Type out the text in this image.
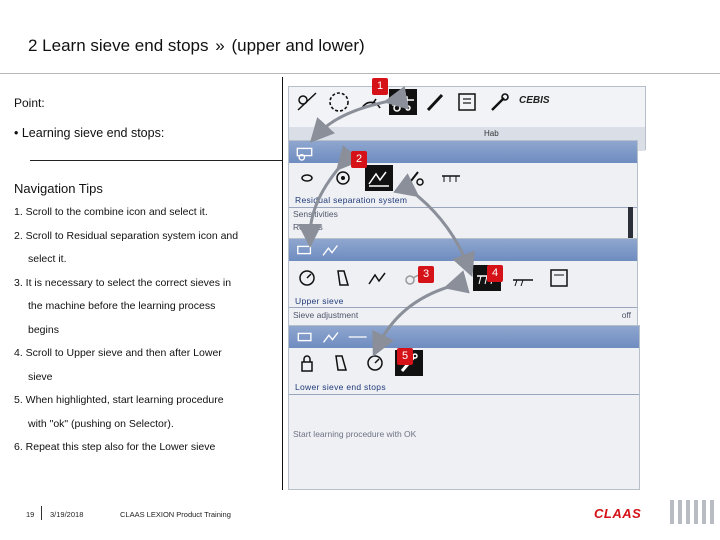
2 Learn sieve end stops » (upper and lower)
Point:
• Learning sieve end stops:
Navigation Tips
1. Scroll to the combine icon and select it.
2. Scroll to Residual separation system icon and
select it.
3. It is necessary to select the correct sieves in
the machine before the learning process
begins
4. Scroll to Upper sieve and then after Lower
sieve
5. When highlighted, start learning procedure
with "ok" (pushing on Selector).
6. Repeat this step also for the Lower sieve
CEBIS
Hab
Residual separation system
Sensitivities
Returns
Upper sieve
Sieve adjustment	off
Lower sieve end stops
Start learning procedure with OK
1
2
3	4
5
19 3/19/2018	CLAAS LEXION Product Training	CLAAS
